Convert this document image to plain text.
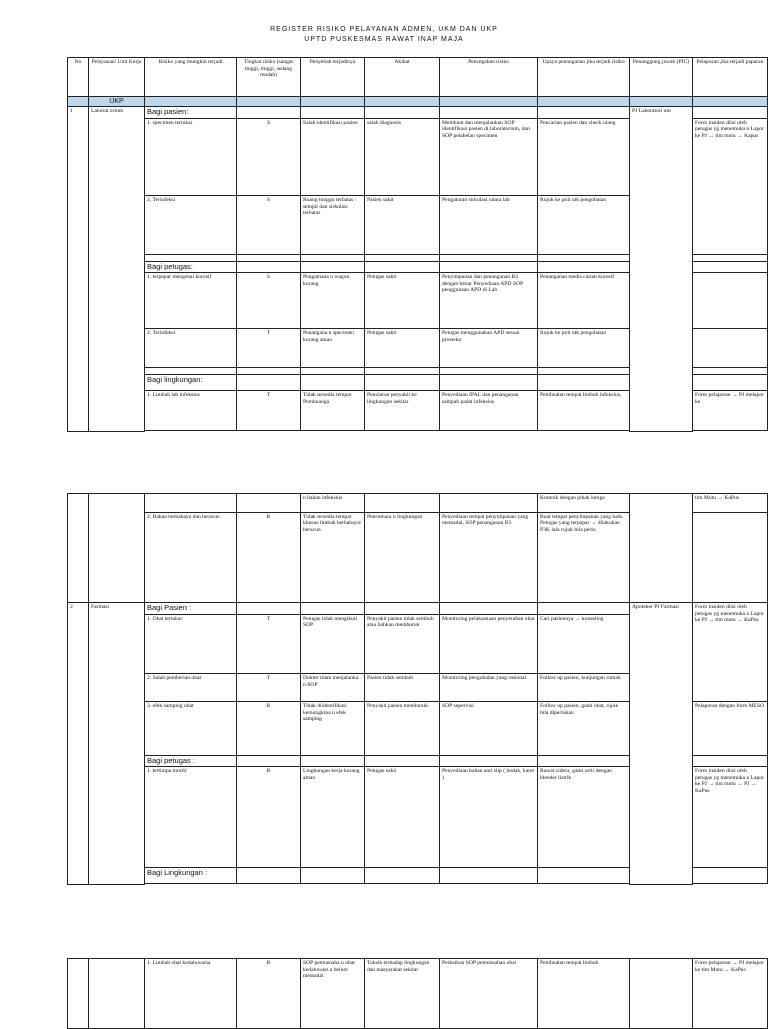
REGISTER RISIKO PELAYANAN ADMEN, UKM DAN UKP
UPTD PUSKESMAS RAWAT INAP MAJA
No	Pelayanan/ Unit Kerja	Risiko yang mungkin terjadi	Tingkat risiko (sangat tinggi, tinggi, sedang rendah)	Penyebab terjadinya	Akibat	Pencegahan risiko	Upaya penanganan jika terjadi risiko	Penanggung jawab (PIC)	Pelaporan jika terjadi paparan
	UKP								
1	Laborat orium	Bagi pasien:						PJ Laboratori um	
		1. specimen tertukar	S	Salah identifikasi pasien	salah diagnosis	Membuat dan menjalankan SOP identifikasi pasien di laboratorium, dan SOP pelabelan specimen	Pencarian pasien dan check ulang		Form insiden diisi oleh petugas yg menemuka n Lapor ke PJ → tim mutu → Kapus
		2. Terinfeksi	S	Ruang tunggu terbatas / sempit dan sirkulasi terbatas	Pasien sakit	Pengaturan sirkulasi udara lab	Rujuk ke poli utk pengobatan		

		Bagi petugas:							
		1. terpapar mengenai korosif	S	Pengamana n wagon kurang	Petugas sakit	Penyimpanan dan penanganan B3 dengan benar Penyediaan APD SOP penggunaan APD di Lab	Penanganan medis cairan korosif		
		2. Terinfeksi	T	Penangana n specimen kurang aman	Petugas sakit	Petugas menggunakan APD sesuai prosedur	Rujuk ke poli utk pengobatan		

		Bagi lingkungan:							
		1. Limbah lab infeksius	T	Tidak tersedia tempat Pembuanga	Penularan penyakit ke lingkungan sekitar	Penyediaan IPAL dan penanganan sampah padat infeksius	Pembuatan tempat limbah infeksius,		Form pelaporan → PJ melapor ke

				n bahan infeksius			Kontrak dengan pihak ketiga		tim Mutu → KaPus
		2. Bahan berbahaya dan beracun	R	Tidak tersedia tempat khusus limbah berbahaya/ beracun	Pencemara n lingkungan	Penyediaan tempat penyimpanan yang memadai, SOP penanganan B3	Buat tempat penyimpanan yang baik. Petugas yang terpapar → dilakukan P3K lalu rujuk bila perlu		
2	Farmasi	Bagi Pasien :						Apoteker PJ Farmasi	Form insiden diisi oleh petugas yg menemuka n Lapor ke PJ → tim mutu → KaPus
		1. Obat tertukar	T	Petugas tidak mengikuti SOP	Penyakit pasien tidak sembuh atau bahkan memburuk	Monitoring pelaksanaan penyerahan obat	Cari pasiennya → konseling		
		2. Salah pemberian obat	T	Dokter tidak menjalanka n SOP	Pasien tidak sembuh	Monitoring pengobatan yang rasional	Follow up pasien, kunjungan rumah		
		3. efek samping obat	R	Tidak diidentifikasi kemungkina n efek samping	Penyakit pasien memburuk	SOP supervisi	Follow up pasien, ganti obat, rujuk bila diperlukan		Pelaporan dengan form MESO
		Bagi petugas :							
		1. tertimpa mortir	R	Lingkungan kerja kurang aman	Petugas sakit	Penyediaan bahan anti slip ( bodak, karet )	Rawat cidera, ganti ortir dengan blender listrik		Form insiden diisi oleh petugas yg menemuka n Lapor ke PJ → tim mutu → PJ → KaPus
		Bagi Lingkungan :							

		1. Limbah obat kedaluwarsa	R	SOP pemusnaha n obat kedaluwars a belum memadai	Toksik terhadap lingkungan dan masyarakat sekitar	Perbaikan SOP pemusnahan obat	Pembuatan tempat limbah		Form pelaporan → PJ melapor ke tim Mutu → KaPus
